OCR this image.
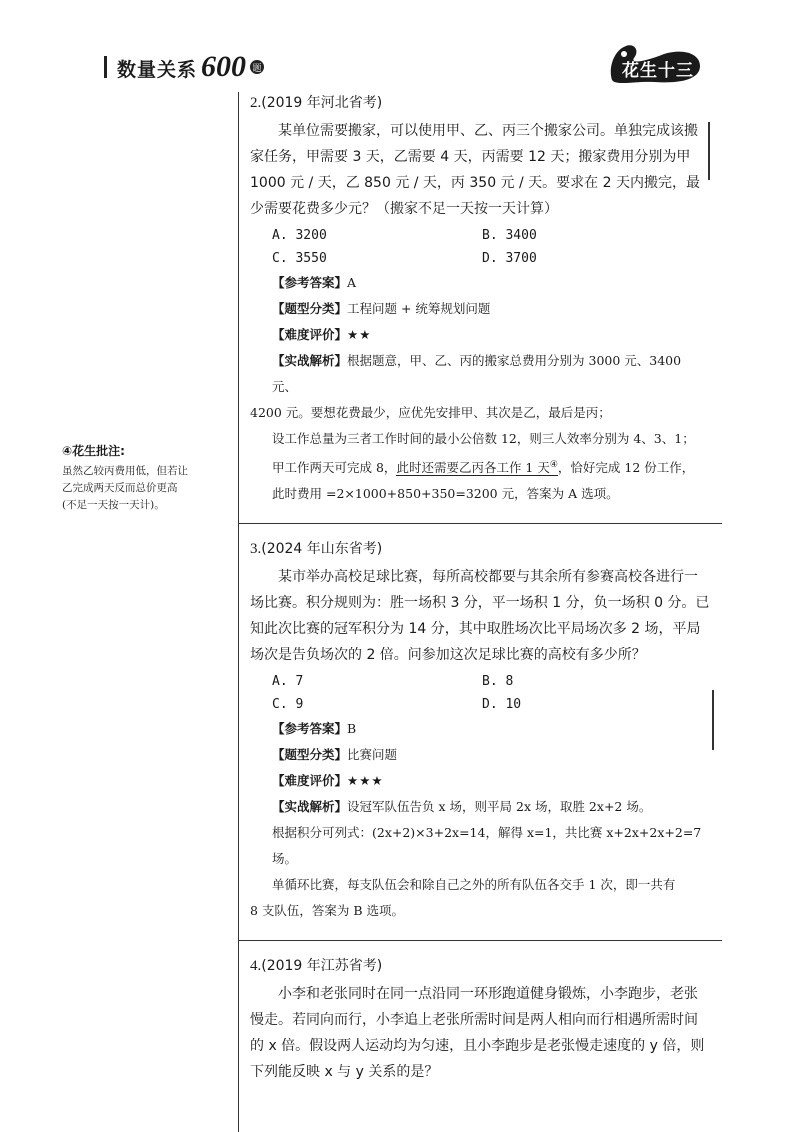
数量关系 600 题	花生十三
④花生批注:
虽然乙较丙费用低，但若让
乙完成两天反而总价更高
(不足一天按一天计)。
2.(2019 年河北省考)
某单位需要搬家，可以使用甲、乙、丙三个搬家公司。单独完成该搬家任务，甲需要 3 天，乙需要 4 天，丙需要 12 天；搬家费用分别为甲 1000 元 / 天，乙 850 元 / 天，丙 350 元 / 天。要求在 2 天内搬完，最少需要花费多少元？（搬家不足一天按一天计算）
A. 3200	B. 3400
C. 3550	D. 3700
【参考答案】A
【题型分类】工程问题 + 统筹规划问题
【难度评价】★★
【实战解析】根据题意，甲、乙、丙的搬家总费用分别为 3000 元、3400 元、
4200 元。要想花费最少，应优先安排甲、其次是乙，最后是丙；
设工作总量为三者工作时间的最小公倍数 12，则三人效率分别为 4、3、1；
甲工作两天可完成 8，此时还需要乙丙各工作 1 天④，恰好完成 12 份工作，
此时费用 =2×1000+850+350=3200 元，答案为 A 选项。
3.(2024 年山东省考)
某市举办高校足球比赛，每所高校都要与其余所有参赛高校各进行一场比赛。积分规则为：胜一场积 3 分，平一场积 1 分，负一场积 0 分。已知此次比赛的冠军积分为 14 分，其中取胜场次比平局场次多 2 场，平局场次是告负场次的 2 倍。问参加这次足球比赛的高校有多少所？
A. 7	B. 8
C. 9	D. 10
【参考答案】B
【题型分类】比赛问题
【难度评价】★★★
【实战解析】设冠军队伍告负 x 场，则平局 2x 场，取胜 2x+2 场。
根据积分可列式：(2x+2)×3+2x=14，解得 x=1，共比赛 x+2x+2x+2=7 场。
单循环比赛，每支队伍会和除自己之外的所有队伍各交手 1 次，即一共有
8 支队伍，答案为 B 选项。
4.(2019 年江苏省考)
小李和老张同时在同一点沿同一环形跑道健身锻炼，小李跑步，老张慢走。若同向而行，小李追上老张所需时间是两人相向而行相遇所需时间的 x 倍。假设两人运动均为匀速，且小李跑步是老张慢走速度的 y 倍，则下列能反映 x 与 y 关系的是？
